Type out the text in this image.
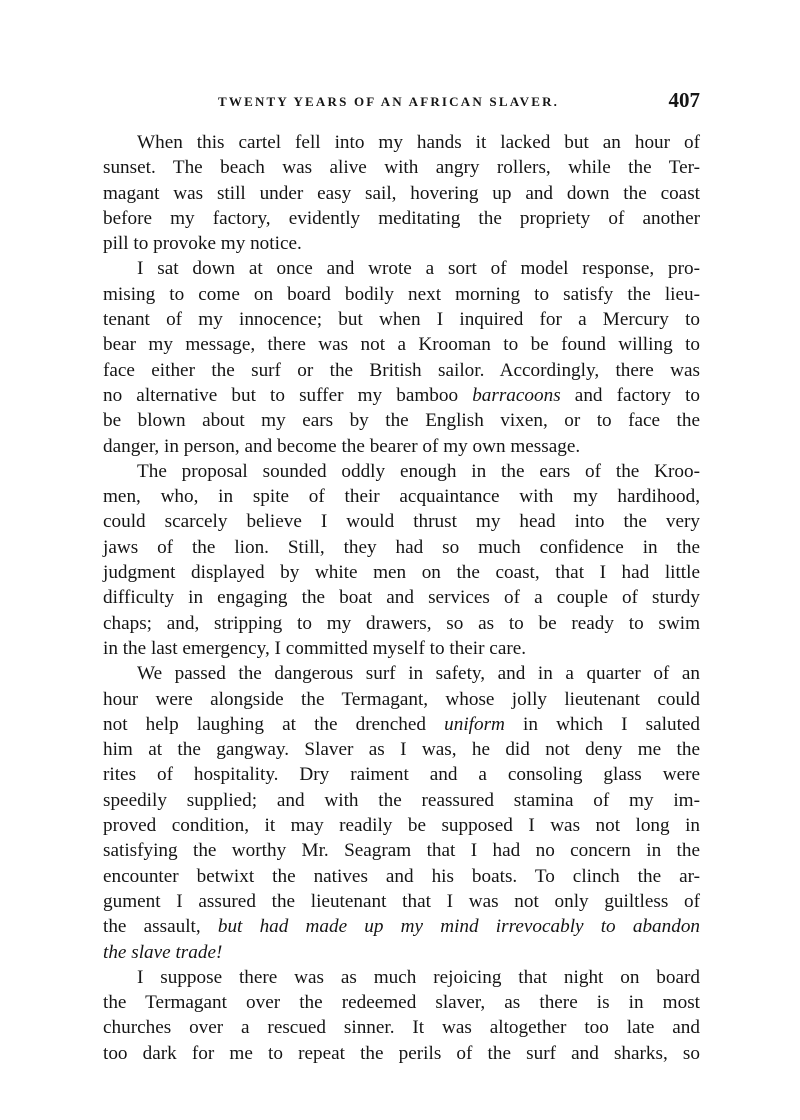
TWENTY YEARS OF AN AFRICAN SLAVER.	407
When this cartel fell into my hands it lacked but an hour of
sunset. The beach was alive with angry rollers, while the Ter-
magant was still under easy sail, hovering up and down the coast
before my factory, evidently meditating the propriety of another
pill to provoke my notice.
I sat down at once and wrote a sort of model response, pro-
mising to come on board bodily next morning to satisfy the lieu-
tenant of my innocence; but when I inquired for a Mercury to
bear my message, there was not a Krooman to be found willing to
face either the surf or the British sailor. Accordingly, there was
no alternative but to suffer my bamboo barracoons and factory to
be blown about my ears by the English vixen, or to face the
danger, in person, and become the bearer of my own message.
The proposal sounded oddly enough in the ears of the Kroo-
men, who, in spite of their acquaintance with my hardihood,
could scarcely believe I would thrust my head into the very
jaws of the lion. Still, they had so much confidence in the
judgment displayed by white men on the coast, that I had little
difficulty in engaging the boat and services of a couple of sturdy
chaps; and, stripping to my drawers, so as to be ready to swim
in the last emergency, I committed myself to their care.
We passed the dangerous surf in safety, and in a quarter of an
hour were alongside the Termagant, whose jolly lieutenant could
not help laughing at the drenched uniform in which I saluted
him at the gangway. Slaver as I was, he did not deny me the
rites of hospitality. Dry raiment and a consoling glass were
speedily supplied; and with the reassured stamina of my im-
proved condition, it may readily be supposed I was not long in
satisfying the worthy Mr. Seagram that I had no concern in the
encounter betwixt the natives and his boats. To clinch the ar-
gument I assured the lieutenant that I was not only guiltless of
the assault, but had made up my mind irrevocably to abandon
the slave trade!
I suppose there was as much rejoicing that night on board
the Termagant over the redeemed slaver, as there is in most
churches over a rescued sinner. It was altogether too late and
too dark for me to repeat the perils of the surf and sharks, so
